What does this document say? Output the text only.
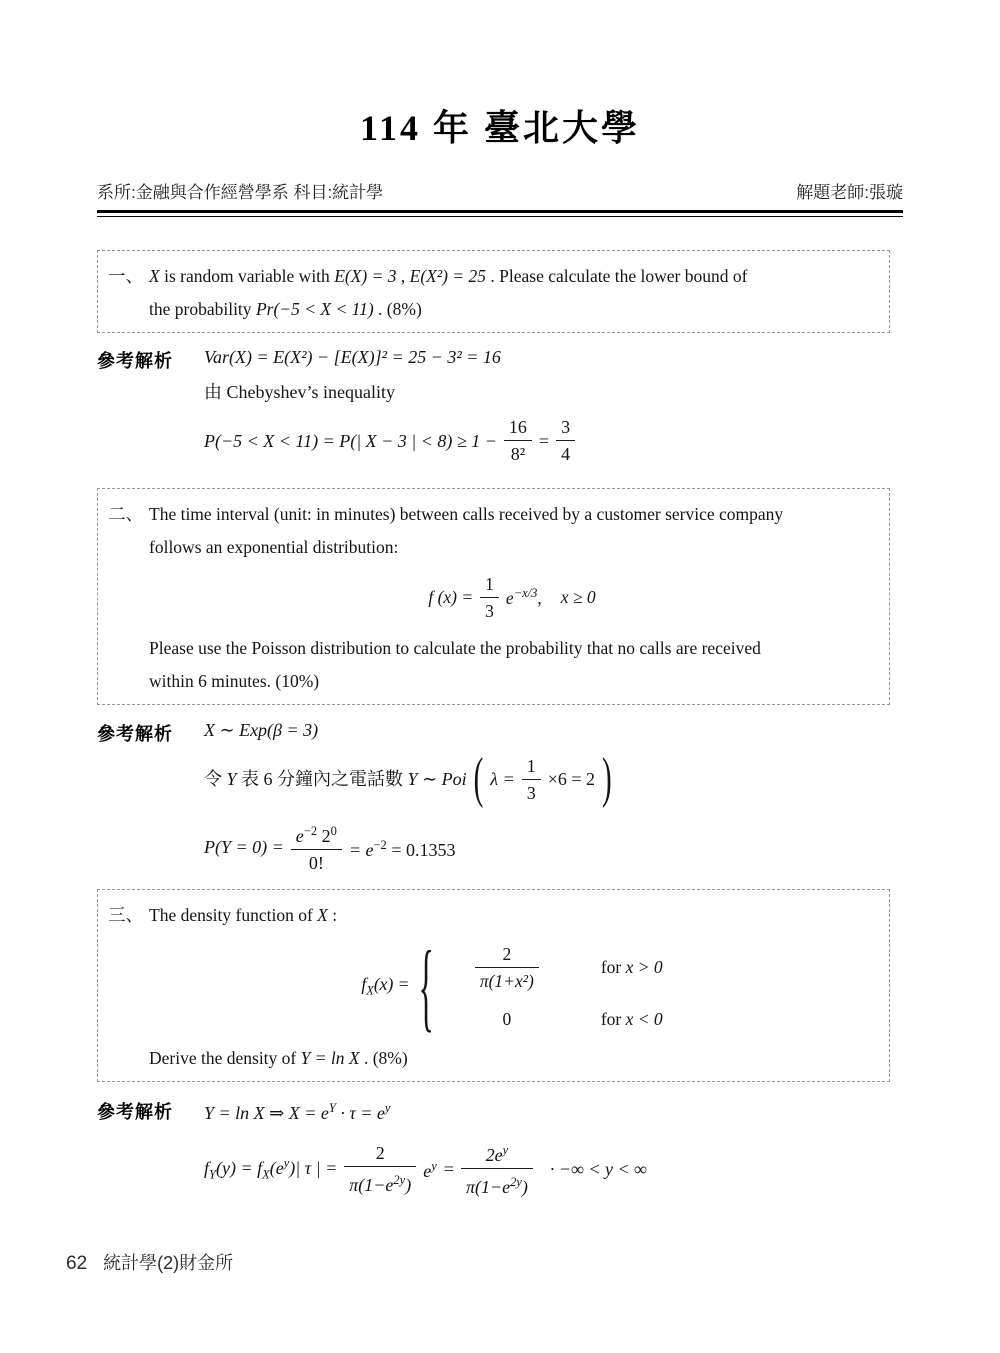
114 年 臺北大學
系所:金融與合作經營學系 科目:統計學	解題老師:張璇
一、 X is random variable with E(X) = 3 , E(X²) = 25 . Please calculate the lower bound of
the probability Pr(−5 < X < 11) . (8%)
參考解析	Var(X) = E(X²) − [E(X)]² = 25 − 3² = 16
由 Chebyshev’s inequality
P(−5 < X < 11) = P(| X − 3 | < $8) \ge 1 - \frac{16}{\text{8²}} = \frac{3}{4}$
二、 The time interval (unit: in minutes) between calls received by a customer service company
follows an exponential distribution:
f $(x) = \frac{1}{3} e^{-x/3}$, x ≥ 0
Please use the Poisson distribution to calculate the probability that no calls are received
within 6 minutes. (10%)
參考解析	X ∼ Exp(β = 3)
令 Y 表 6 分鐘內之電話數 Y ∼ Poi ( $\lambda = \frac{1}{3} \times 6 = 2$ )
$P(Y = 0) = \frac{e^{-2} 2^0}{0!} = e^{-2} = 0.1353$
三、 The density function of X :
$f_X(x)$ = { $\frac{2}{\text{π(1+x²)}}$	for x > 0
0	for x < 0
Derive the density of Y = ln X . (8%)
參考解析	Y = ln X ⇒ $X = e^Y \cdot \tau = e^y$
$f_Y(y) = f_X(e^y)|$ τ | = $\frac{2}{\pi(1-e^{2y})} e^y = \frac{2e^y}{\pi(1-e^{2y})}$ · −∞ < y < ∞
62 統計學(2)財金所
